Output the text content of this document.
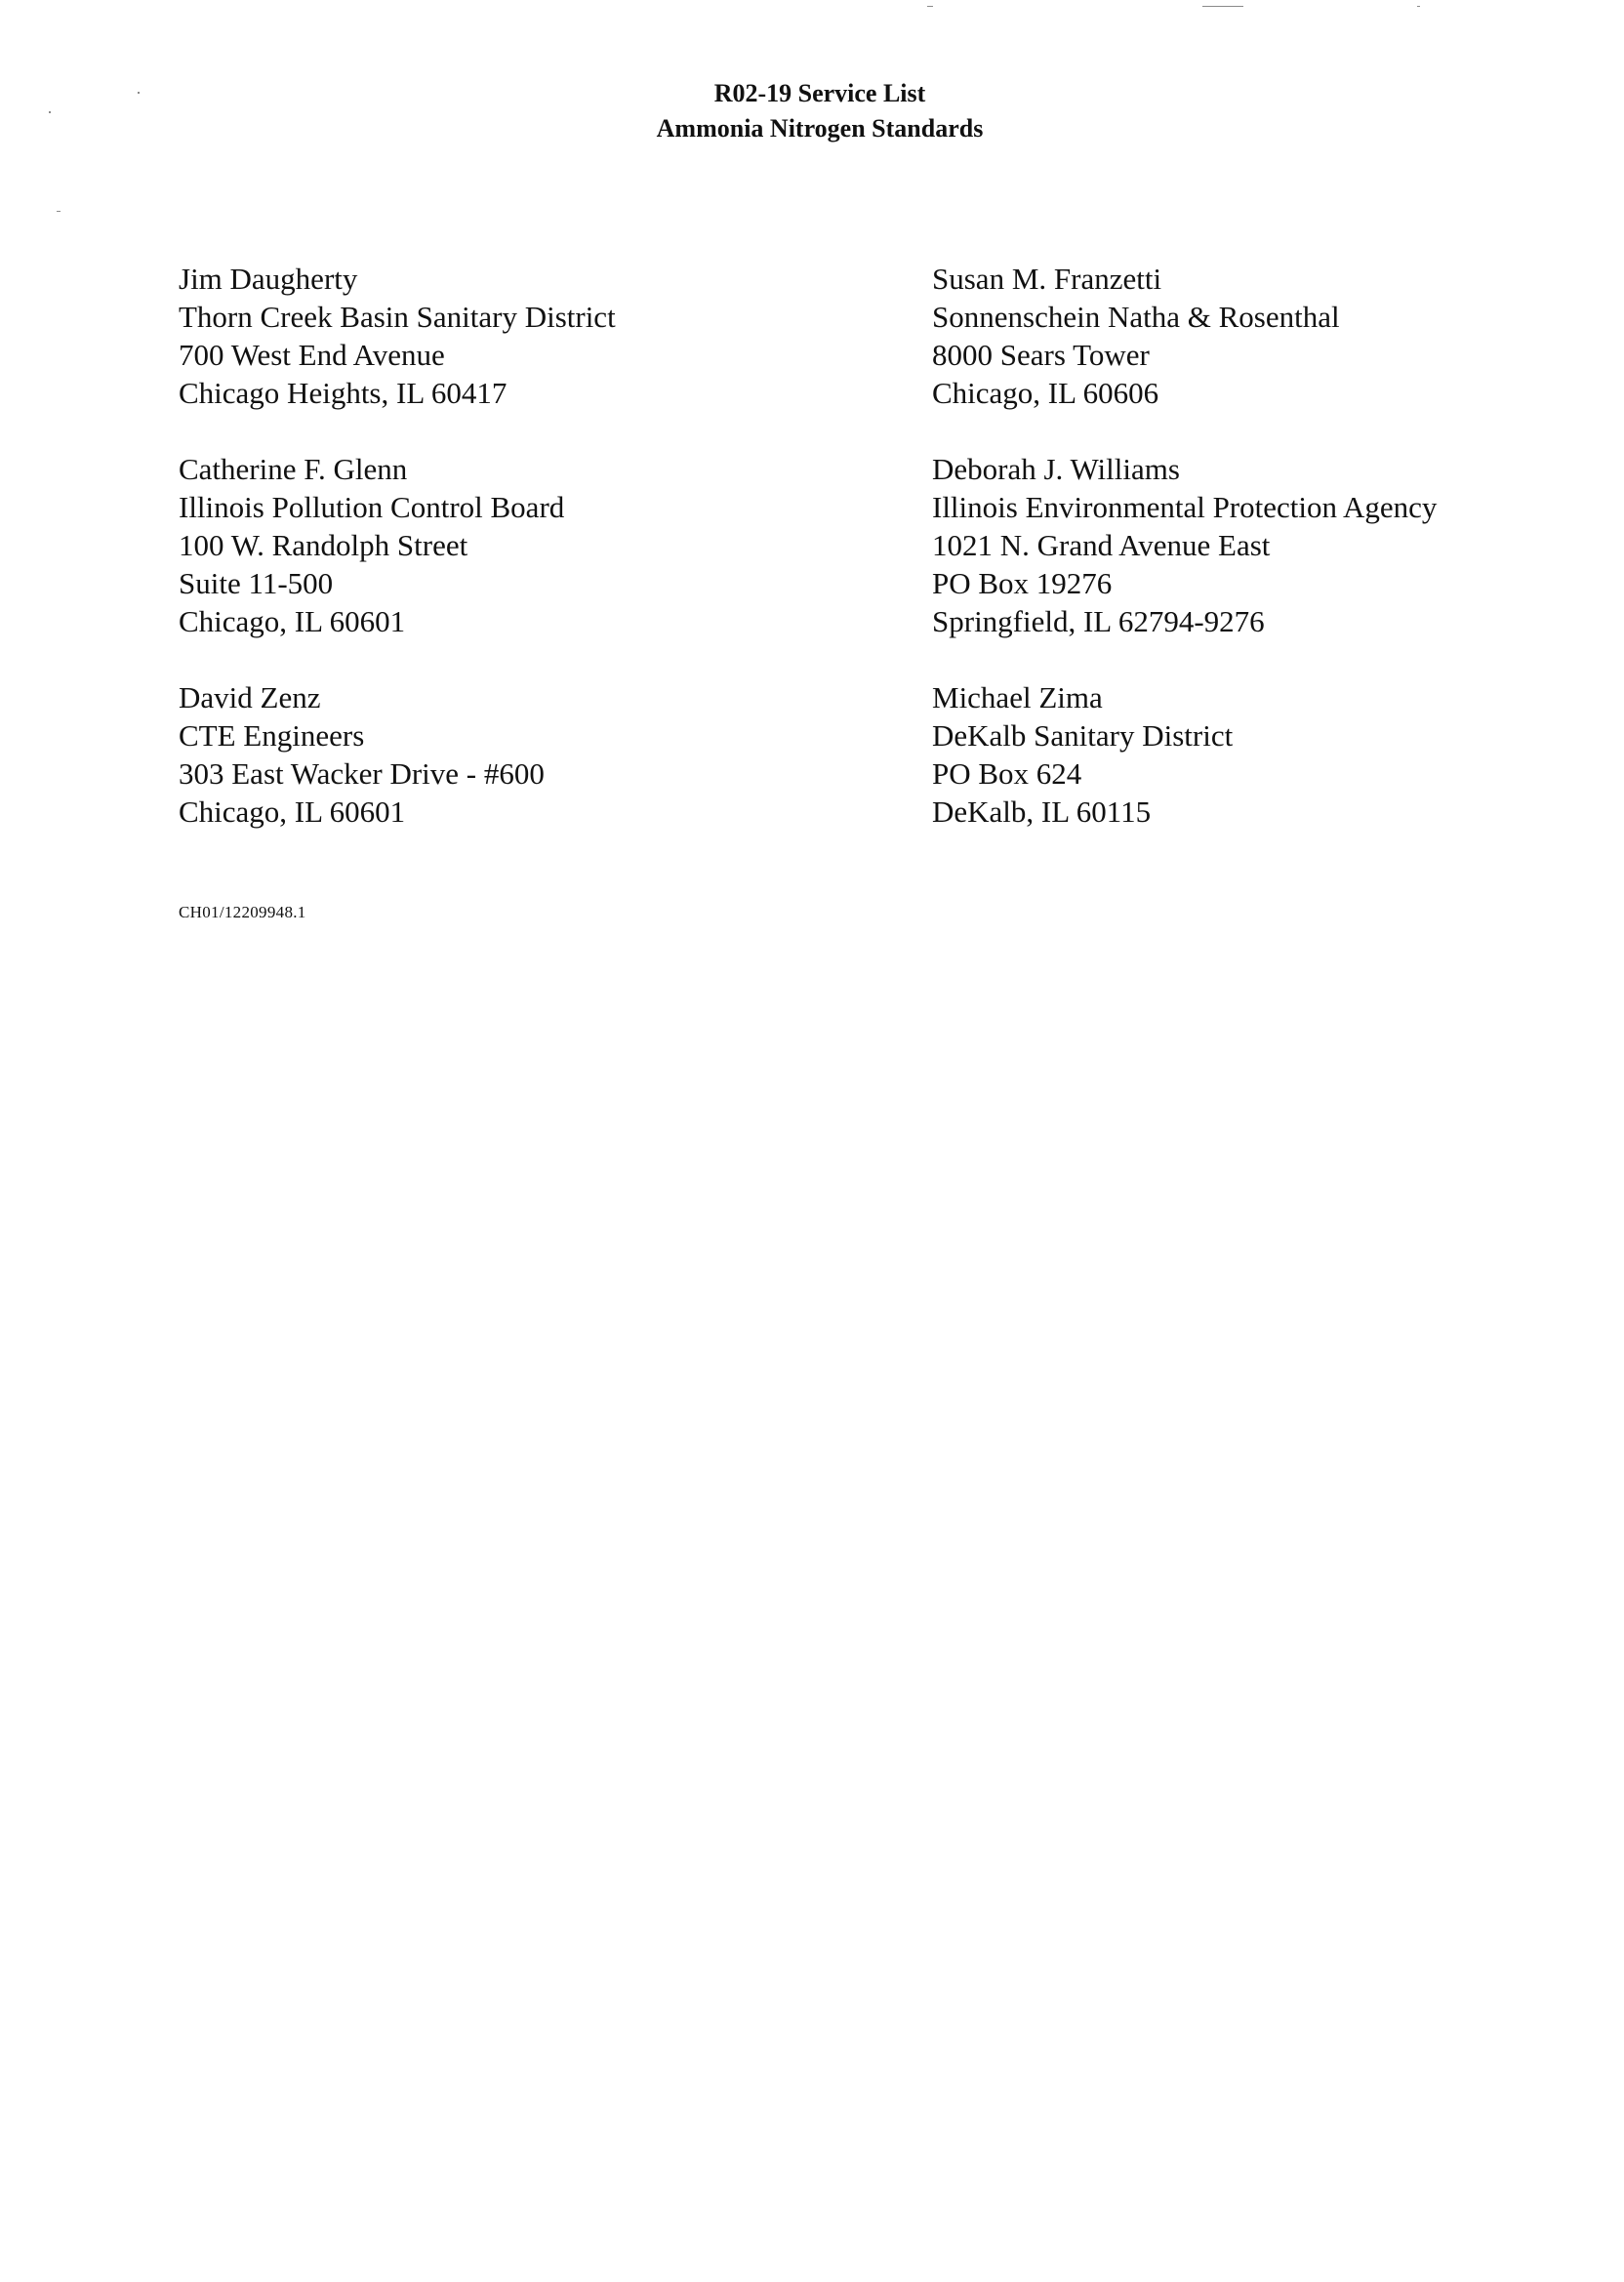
R02-19 Service List
Ammonia Nitrogen Standards
Jim Daugherty
Thorn Creek Basin Sanitary District
700 West End Avenue
Chicago Heights, IL 60417
Catherine F. Glenn
Illinois Pollution Control Board
100 W. Randolph Street
Suite 11-500
Chicago, IL 60601
David Zenz
CTE Engineers
303 East Wacker Drive - #600
Chicago, IL 60601
Susan M. Franzetti
Sonnenschein Natha & Rosenthal
8000 Sears Tower
Chicago, IL 60606
Deborah J. Williams
Illinois Environmental Protection Agency
1021 N. Grand Avenue East
PO Box 19276
Springfield, IL 62794-9276
Michael Zima
DeKalb Sanitary District
PO Box 624
DeKalb, IL 60115
CH01/12209948.1
